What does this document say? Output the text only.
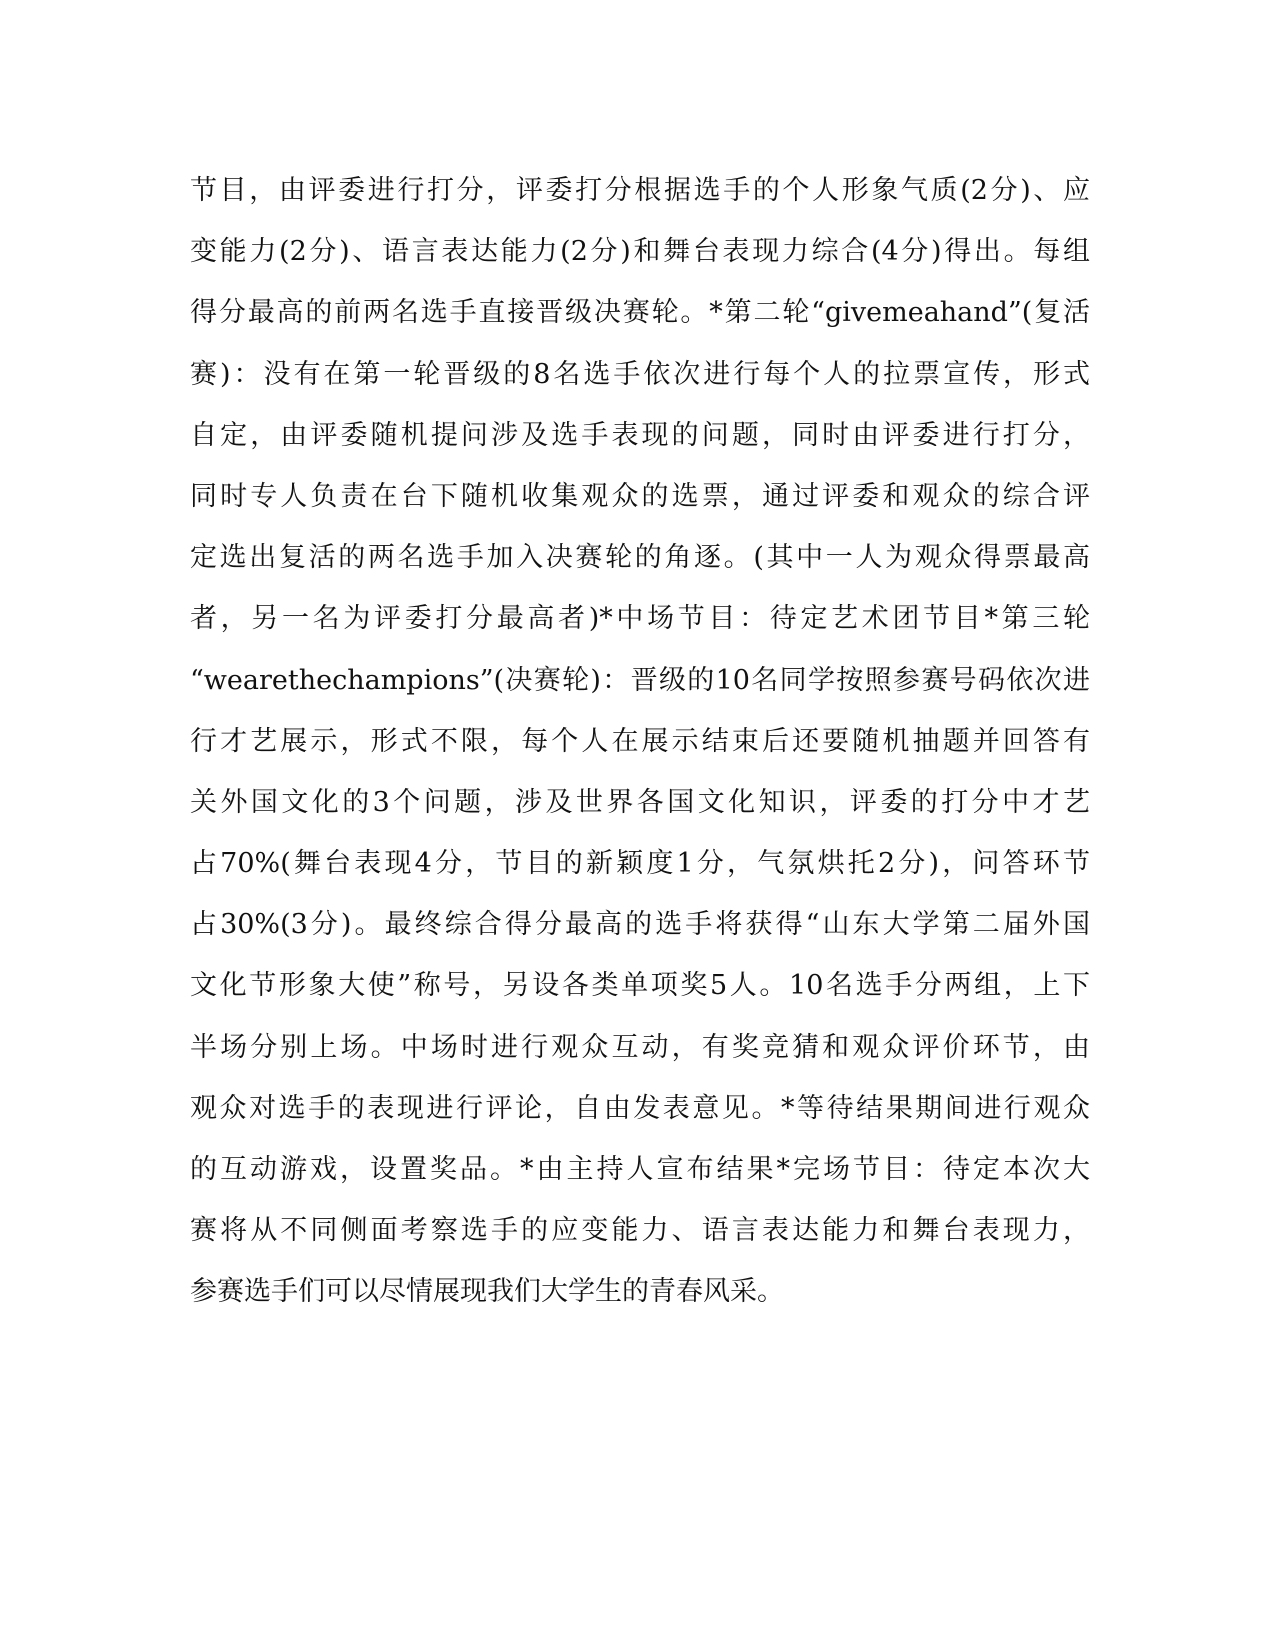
节目，由评委进行打分，评委打分根据选手的个人形象气质(2分)、应
变能力(2分)、语言表达能力(2分)和舞台表现力综合(4分)得出。每组
得分最高的前两名选手直接晋级决赛轮。*第二轮“givemeahand”(复活
赛)：没有在第一轮晋级的8名选手依次进行每个人的拉票宣传，形式
自定，由评委随机提问涉及选手表现的问题，同时由评委进行打分，
同时专人负责在台下随机收集观众的选票，通过评委和观众的综合评
定选出复活的两名选手加入决赛轮的角逐。(其中一人为观众得票最高
者，另一名为评委打分最高者)*中场节目：待定艺术团节目*第三轮
“wearethechampions”(决赛轮)：晋级的10名同学按照参赛号码依次进
行才艺展示，形式不限，每个人在展示结束后还要随机抽题并回答有
关外国文化的3个问题，涉及世界各国文化知识，评委的打分中才艺
占70%(舞台表现4分，节目的新颖度1分，气氛烘托2分)，问答环节
占30%(3分)。最终综合得分最高的选手将获得“山东大学第二届外国
文化节形象大使”称号，另设各类单项奖5人。10名选手分两组，上下
半场分别上场。中场时进行观众互动，有奖竞猜和观众评价环节，由
观众对选手的表现进行评论，自由发表意见。*等待结果期间进行观众
的互动游戏，设置奖品。*由主持人宣布结果*完场节目：待定本次大
赛将从不同侧面考察选手的应变能力、语言表达能力和舞台表现力，
参赛选手们可以尽情展现我们大学生的青春风采。
